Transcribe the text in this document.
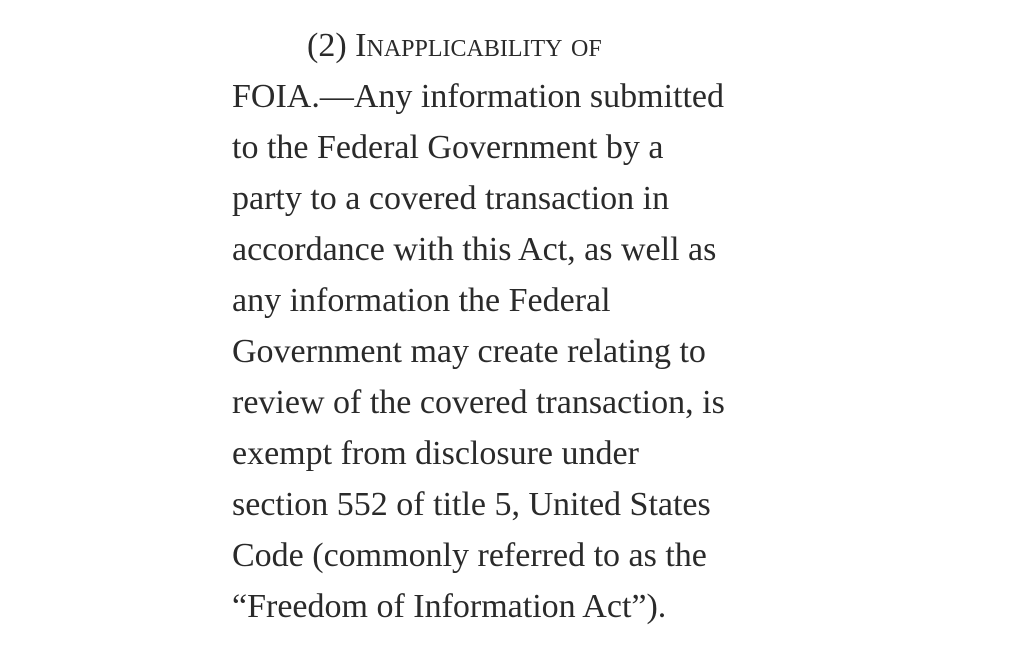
(2) Inapplicability of
FOIA.—Any information submitted
to the Federal Government by a
party to a covered transaction in
accordance with this Act, as well as
any information the Federal
Government may create relating to
review of the covered transaction, is
exempt from disclosure under
section 552 of title 5, United States
Code (commonly referred to as the
“Freedom of Information Act”).
